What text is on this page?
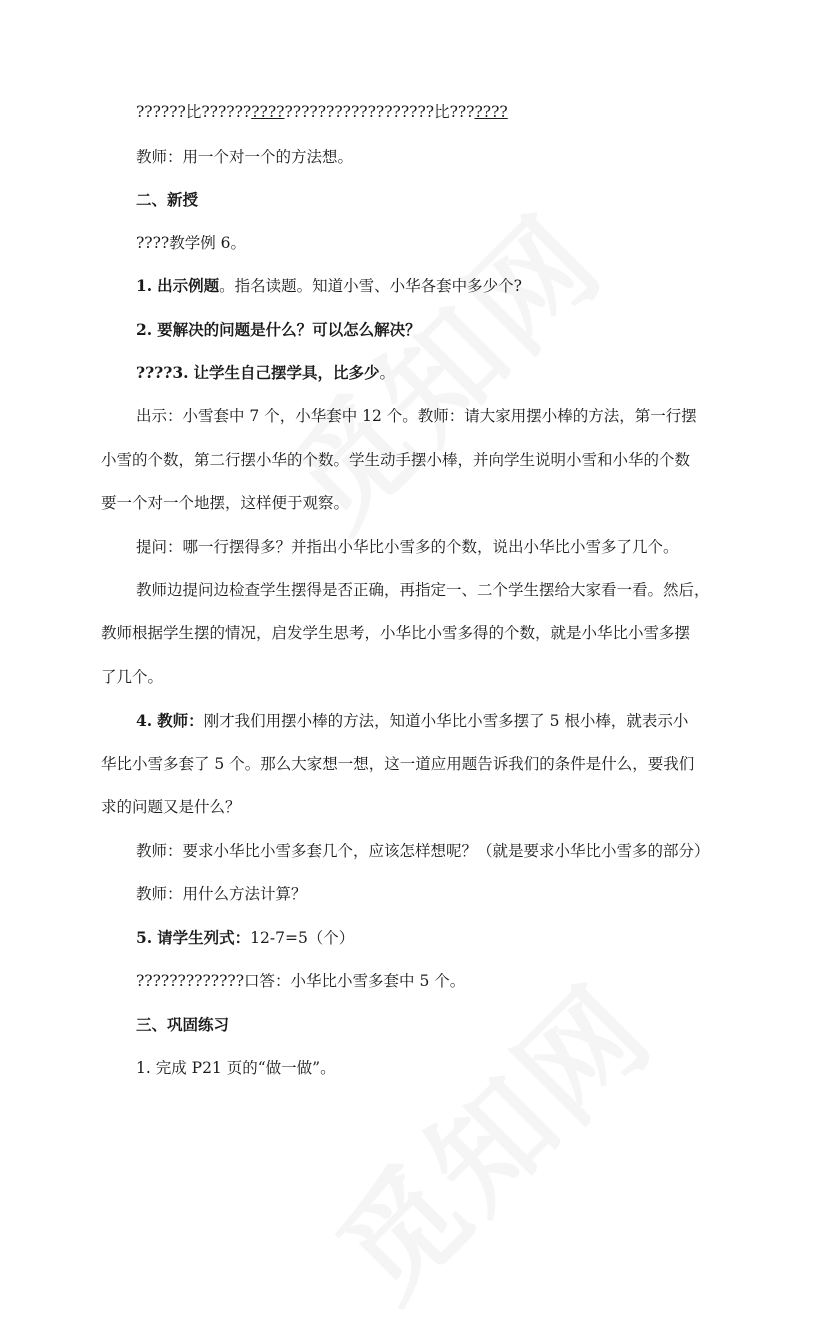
??????比????????????????????????????比???????
教师：用一个对一个的方法想。
二、新授
????教学例 6。
1. 出示例题。指名读题。知道小雪、小华各套中多少个?
2. 要解决的问题是什么？可以怎么解决？
????3. 让学生自己摆学具，比多少。
出示：小雪套中 7 个，小华套中 12 个。教师：请大家用摆小棒的方法，第一行摆
小雪的个数，第二行摆小华的个数。学生动手摆小棒，并向学生说明小雪和小华的个数
要一个对一个地摆，这样便于观察。
提问：哪一行摆得多？并指出小华比小雪多的个数，说出小华比小雪多了几个。
教师边提问边检查学生摆得是否正确，再指定一、二个学生摆给大家看一看。然后，
教师根据学生摆的情况，启发学生思考，小华比小雪多得的个数，就是小华比小雪多摆
了几个。
4. 教师：刚才我们用摆小棒的方法，知道小华比小雪多摆了 5 根小棒，就表示小
华比小雪多套了 5 个。那么大家想一想，这一道应用题告诉我们的条件是什么，要我们
求的问题又是什么？
教师：要求小华比小雪多套几个，应该怎样想呢？（就是要求小华比小雪多的部分）
教师：用什么方法计算？
5. 请学生列式：12-7=5（个）
?????????????口答：小华比小雪多套中 5 个。
三、巩固练习
1. 完成 P21 页的“做一做”。
